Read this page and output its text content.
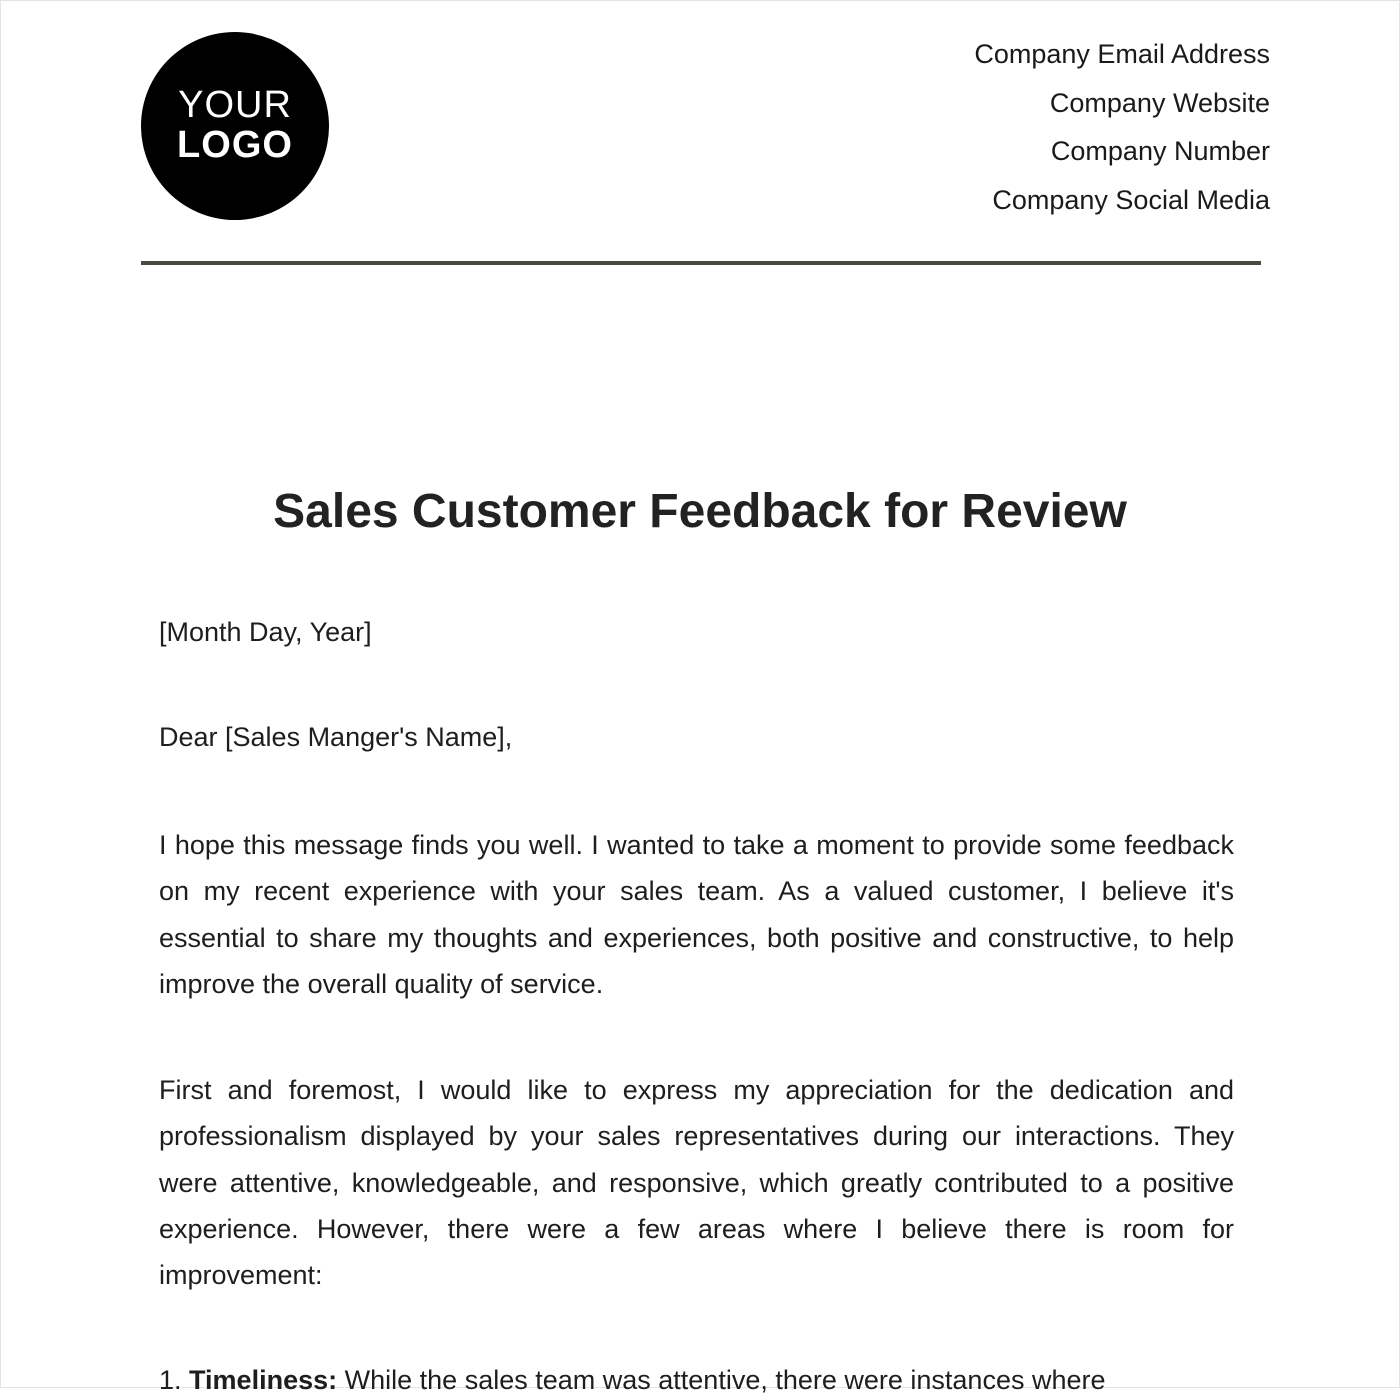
YOUR
LOGO
Company Email Address
Company Website
Company Number
Company Social Media
Sales Customer Feedback for Review
[Month Day, Year]
Dear [Sales Manger's Name],
I hope this message finds you well. I wanted to take a moment to provide some feedback on my recent experience with your sales team. As a valued customer, I believe it's essential to share my thoughts and experiences, both positive and constructive, to help improve the overall quality of service.
First and foremost, I would like to express my appreciation for the dedication and professionalism displayed by your sales representatives during our interactions. They were attentive, knowledgeable, and responsive, which greatly contributed to a positive experience. However, there were a few areas where I believe there is room for improvement:
1. Timeliness: While the sales team was attentive, there were instances where
